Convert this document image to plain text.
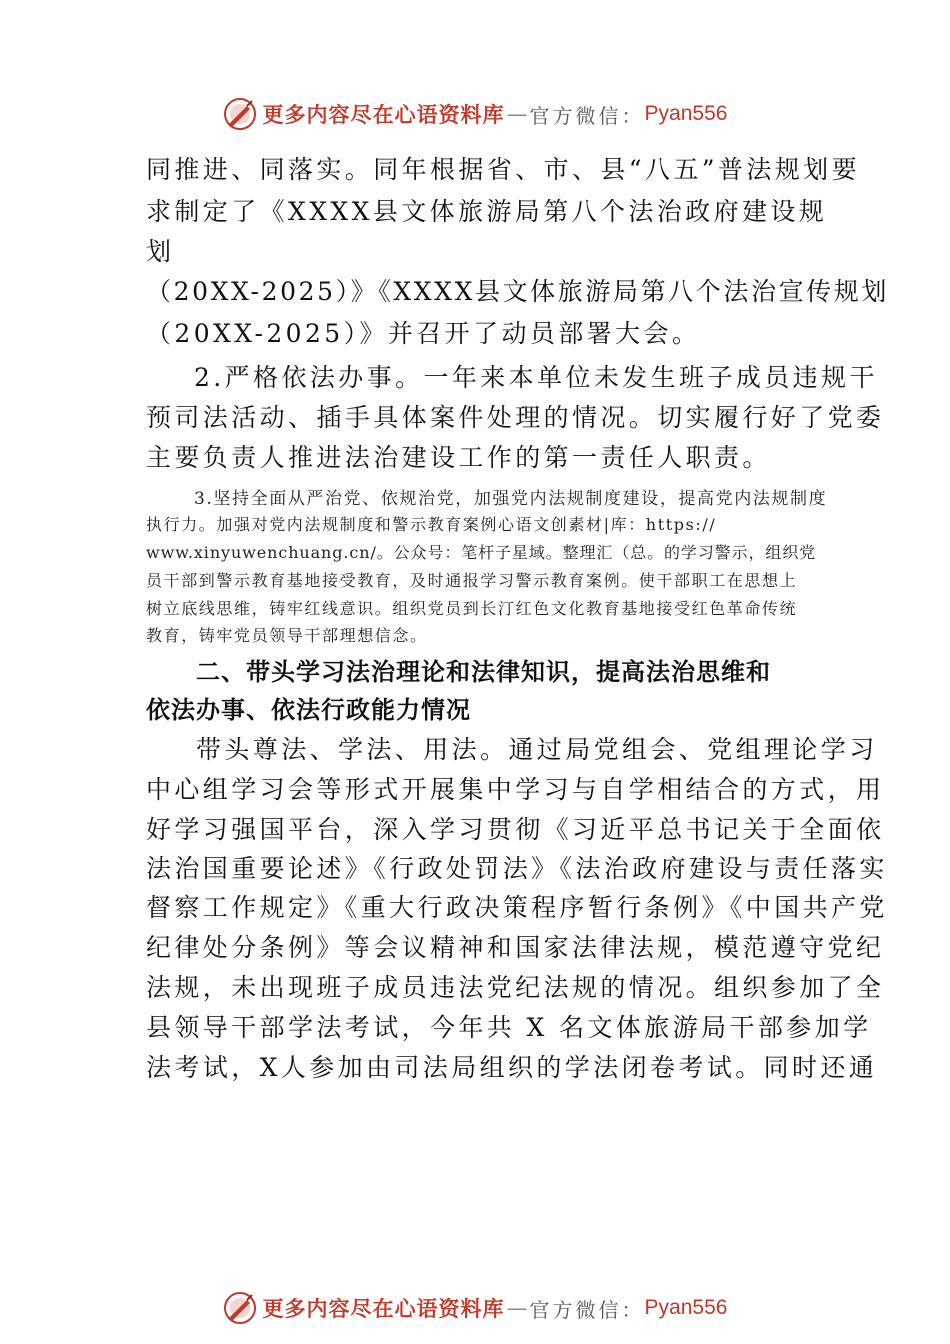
更多内容尽在心语资料库 — 官方微信： Pyan556
同推进、同落实。同年根据省、市、县“八五”普法规划要
求制定了《XXXX县文体旅游局第八个法治政府建设规
划
（20XX-2025）》《XXXX县文体旅游局第八个法治宣传规划
（20XX-2025）》并召开了动员部署大会。
2.严格依法办事。一年来本单位未发生班子成员违规干
预司法活动、插手具体案件处理的情况。切实履行好了党委
主要负责人推进法治建设工作的第一责任人职责。
3.坚持全面从严治党、依规治党，加强党内法规制度建设，提高党内法规制度
执行力。加强对党内法规制度和警示教育案例心语文创素材|库：https://
www.xinyuwenchuang.cn/。公众号：笔杆子星域。整理汇（总。的学习警示，组织党
员干部到警示教育基地接受教育，及时通报学习警示教育案例。使干部职工在思想上
树立底线思维，铸牢红线意识。组织党员到长汀红色文化教育基地接受红色革命传统
教育，铸牢党员领导干部理想信念。
二、带头学习法治理论和法律知识，提高法治思维和
依法办事、依法行政能力情况
带头尊法、学法、用法。通过局党组会、党组理论学习
中心组学习会等形式开展集中学习与自学相结合的方式，用
好学习强国平台，深入学习贯彻《习近平总书记关于全面依
法治国重要论述》《行政处罚法》《法治政府建设与责任落实
督察工作规定》《重大行政决策程序暂行条例》《中国共产党
纪律处分条例》等会议精神和国家法律法规，模范遵守党纪
法规，未出现班子成员违法党纪法规的情况。组织参加了全
县领导干部学法考试，今年共 X 名文体旅游局干部参加学
法考试，X人参加由司法局组织的学法闭卷考试。同时还通
更多内容尽在心语资料库 — 官方微信： Pyan556
